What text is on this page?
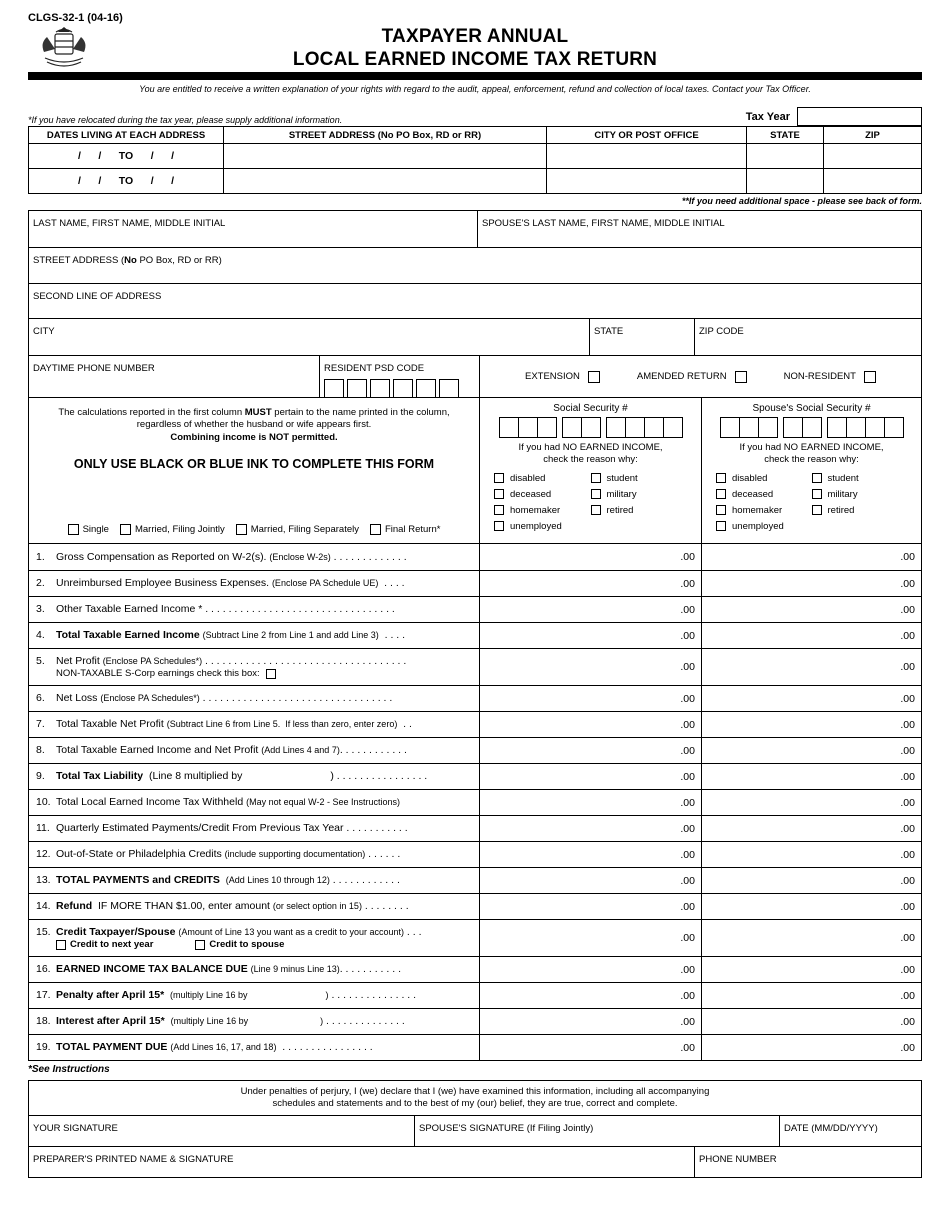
CLGS-32-1 (04-16)
TAXPAYER ANNUAL
LOCAL EARNED INCOME TAX RETURN
You are entitled to receive a written explanation of your rights with regard to the audit, appeal, enforcement, refund and collection of local taxes. Contact your Tax Officer.
*If you have relocated during the tax year, please supply additional information.	Tax Year
DATES LIVING AT EACH ADDRESS	STREET ADDRESS (No PO Box, RD or RR)	CITY OR POST OFFICE	STATE	ZIP
/      /      TO      /      /				
/      /      TO      /      /				
**If you need additional space - please see back of form.
LAST NAME, FIRST NAME, MIDDLE INITIAL	SPOUSE'S LAST NAME, FIRST NAME, MIDDLE INITIAL
STREET ADDRESS (No PO Box, RD or RR)
SECOND LINE OF ADDRESS
CITY	STATE	ZIP CODE
DAYTIME PHONE NUMBER	RESIDENT PSD CODE
EXTENSION	AMENDED RETURN	NON-RESIDENT
The calculations reported in the first column MUST pertain to the name printed in the column, regardless of whether the husband or wife appears first.
Combining income is NOT permitted.
ONLY USE BLACK OR BLUE INK TO COMPLETE THIS FORM
Single	Married, Filing Jointly	Married, Filing Separately	Final Return*
Social Security #
If you had NO EARNED INCOME,
check the reason why:
disabled
deceased
homemaker
unemployed
student
military
retired
Spouse's Social Security #
If you had NO EARNED INCOME,
check the reason why:
disabled
deceased
homemaker
unemployed
student
military
retired
1. Gross Compensation as Reported on W-2(s). (Enclose W-2s) . . . . . . . . . . . . .	.00	.00
2. Unreimbursed Employee Business Expenses. (Enclose PA Schedule UE)  . . . .	.00	.00
3. Other Taxable Earned Income * . . . . . . . . . . . . . . . . . . . . . . . . . . . . . . . . .	.00	.00
4. Total Taxable Earned Income (Subtract Line 2 from Line 1 and add Line 3)  . . . .	.00	.00
5. Net Profit (Enclose PA Schedules*) . . . . . . . . . . . . . . . . . . . . . . . . . . . . . . . . . . .
NON-TAXABLE S-Corp earnings check this box:
.00	.00
6. Net Loss (Enclose PA Schedules*) . . . . . . . . . . . . . . . . . . . . . . . . . . . . . . . . .	.00	.00
7. Total Taxable Net Profit (Subtract Line 6 from Line 5.  If less than zero, enter zero)  . .	.00	.00
8. Total Taxable Earned Income and Net Profit (Add Lines 4 and 7). . . . . . . . . . . .	.00	.00
9. Total Tax Liability  (Line 8 multiplied by	) . . . . . . . . . . . . . . . .	.00	.00
10. Total Local Earned Income Tax Withheld (May not equal W-2 - See Instructions)	.00	.00
11. Quarterly Estimated Payments/Credit From Previous Tax Year . . . . . . . . . . .	.00	.00
12. Out-of-State or Philadelphia Credits (include supporting documentation) . . . . . .	.00	.00
13. TOTAL PAYMENTS and CREDITS (Add Lines 10 through 12) . . . . . . . . . . . .	.00	.00
14. Refund  IF MORE THAN $1.00, enter amount (or select option in 15) . . . . . . . .	.00	.00
15. Credit Taxpayer/Spouse (Amount of Line 13 you want as a credit to your account) . . .
Credit to next year	Credit to spouse
.00	.00
16. EARNED INCOME TAX BALANCE DUE (Line 9 minus Line 13). . . . . . . . . . .	.00	.00
17. Penalty after April 15* (multiply Line 16 by	) . . . . . . . . . . . . . . .	.00	.00
18. Interest after April 15* (multiply Line 16 by	) . . . . . . . . . . . . . .	.00	.00
19. TOTAL PAYMENT DUE (Add Lines 16, 17, and 18)  . . . . . . . . . . . . . . . .	.00	.00
*See Instructions
Under penalties of perjury, I (we) declare that I (we) have examined this information, including all accompanying
schedules and statements and to the best of my (our) belief, they are true, correct and complete.
YOUR SIGNATURE	SPOUSE'S SIGNATURE (If Filing Jointly)	DATE (MM/DD/YYYY)
PREPARER'S PRINTED NAME & SIGNATURE	PHONE NUMBER
